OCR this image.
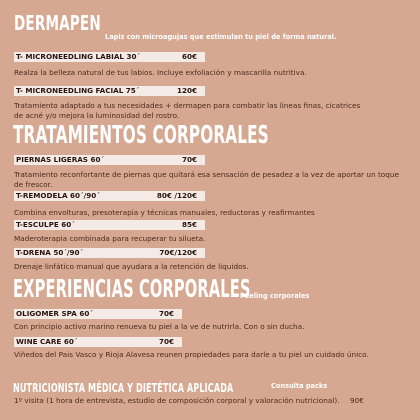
DERMAPEN
Lapiz con microagujas que estimulan tu piel de forma natural.
T- MICRONEEDLING LABIAL 30´	60€
Realza la belleza natural de tus labios. Incluye exfoliación y mascarilla nutritiva.
T- MICRONEEDLING FACIAL 75´	120€
Tratamiento adaptado a tus necesidades + dermapen para combatir las lineas finas, cicatrices de acné y/o mejora la luminosidad del rostro.
TRATAMIENTOS CORPORALES
PIERNAS LIGERAS 60´	70€
Tratamiento reconfortante de piernas que quitará esa sensación de pesadez a la vez de aportar un toque de frescor.
T-REMODELA 60´/90´	80€ /120€
Combina envolturas, presoterapia y técnicas manuales, reductoras y reafirmantes
T-ESCULPE 60´	85€
Maderoterapia combinada para recuperar tu silueta.
T-DRENA 50´/90´	70€/120€
Drenaje linfático manual que ayudara a la retención de liquidos.
EXPERIENCIAS CORPORALES
Peeling corporales
OLIGOMER SPA 60´	70€
Con principio activo marino renueva tu piel a la ve de nutrirla. Con o sin ducha.
WINE CARE 60´	70€
Viñedos del Pais Vasco y Rioja Alavesa reunen propiedades para darle a tu piel un cuidado único.
NUTRICIONISTA MÉDICA Y DIETÉTICA APLICADA	Consulta packs
1º visita (1 hora de entrevista, estudio de composición corporal y valoración nutricional). 90€
